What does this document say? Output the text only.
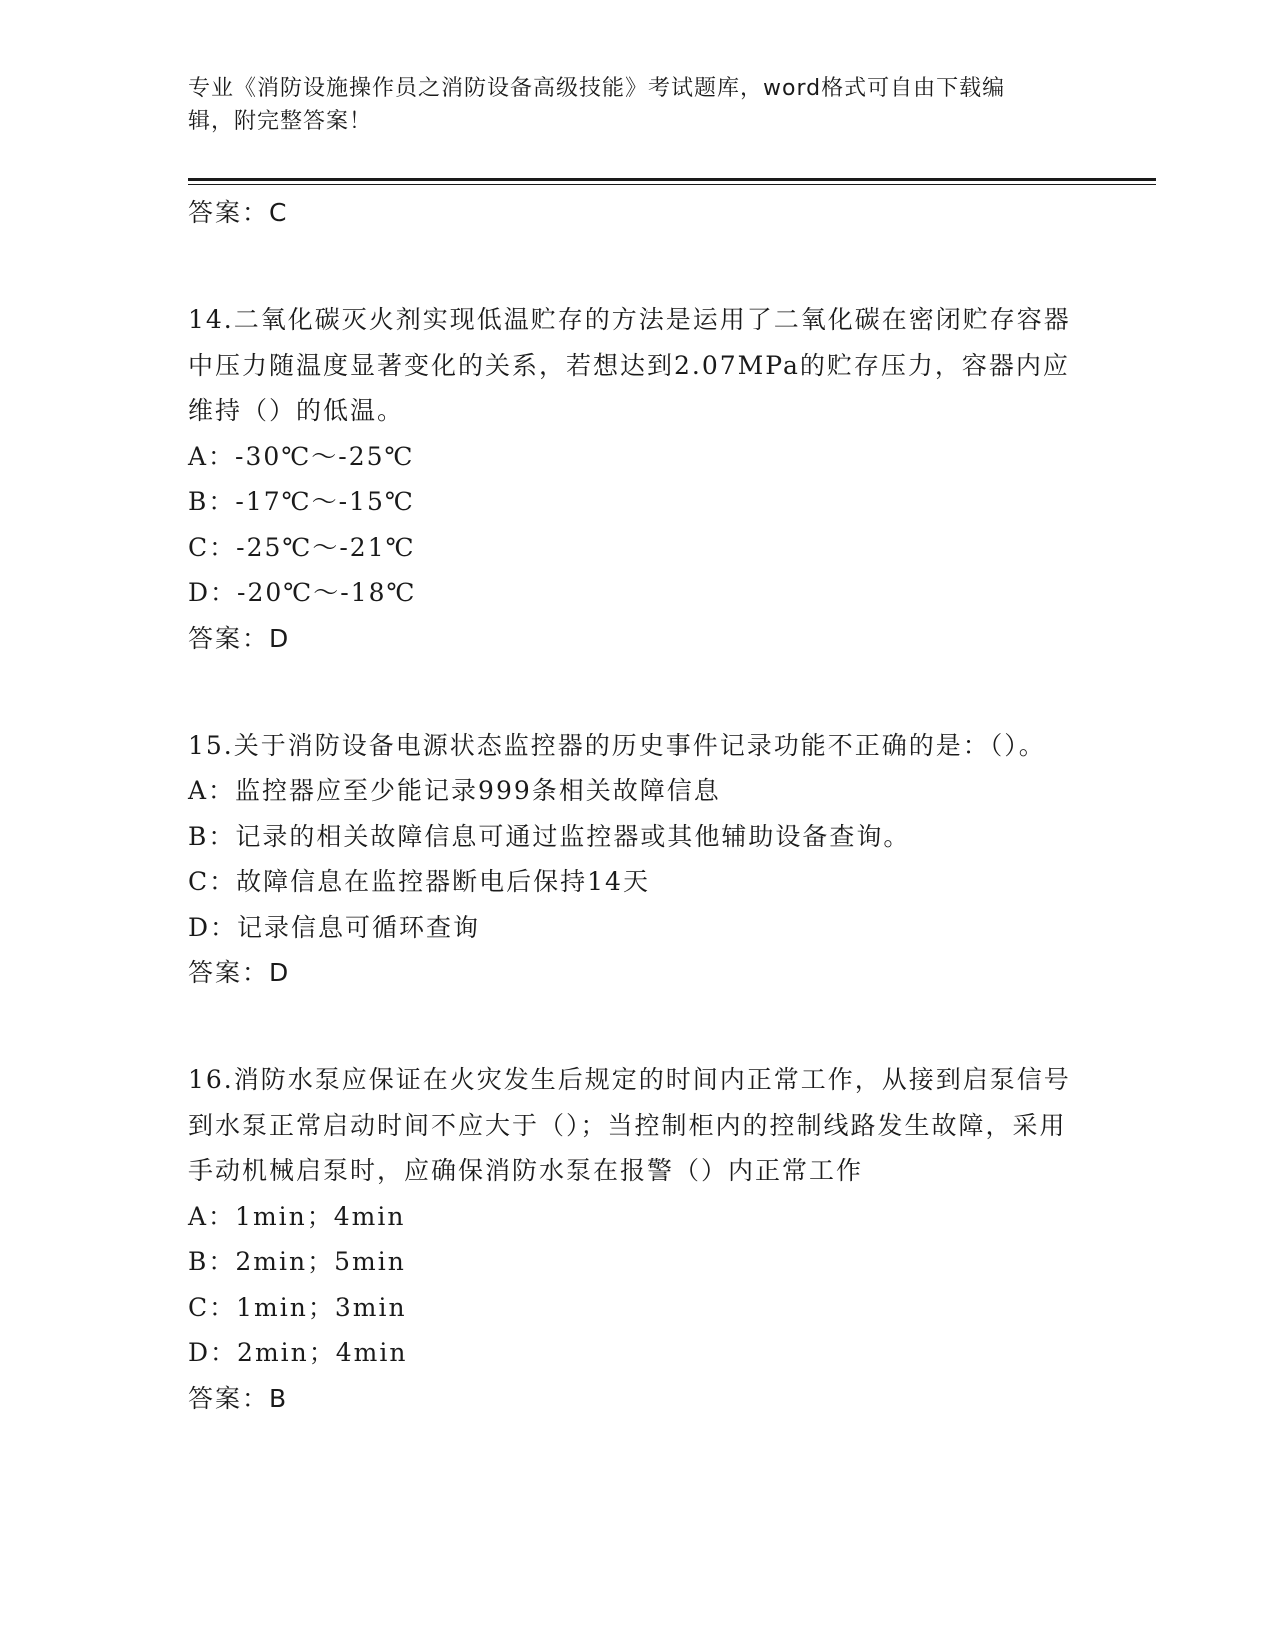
专业《消防设施操作员之消防设备高级技能》考试题库，word格式可自由下载编
辑，附完整答案！
答案：C
14.二氧化碳灭火剂实现低温贮存的方法是运用了二氧化碳在密闭贮存容器中压力随温度显著变化的关系，若想达到2.07MPa的贮存压力，容器内应维持（）的低温。
A：-30℃～-25℃
B：-17℃～-15℃
C：-25℃～-21℃
D：-20℃～-18℃
答案：D
15.关于消防设备电源状态监控器的历史事件记录功能不正确的是：（）。
A：监控器应至少能记录999条相关故障信息
B：记录的相关故障信息可通过监控器或其他辅助设备查询。
C：故障信息在监控器断电后保持14天
D：记录信息可循环查询
答案：D
16.消防水泵应保证在火灾发生后规定的时间内正常工作，从接到启泵信号到水泵正常启动时间不应大于（）；当控制柜内的控制线路发生故障，采用手动机械启泵时，应确保消防水泵在报警（）内正常工作
A：1min；4min
B：2min；5min
C：1min；3min
D：2min；4min
答案：B
